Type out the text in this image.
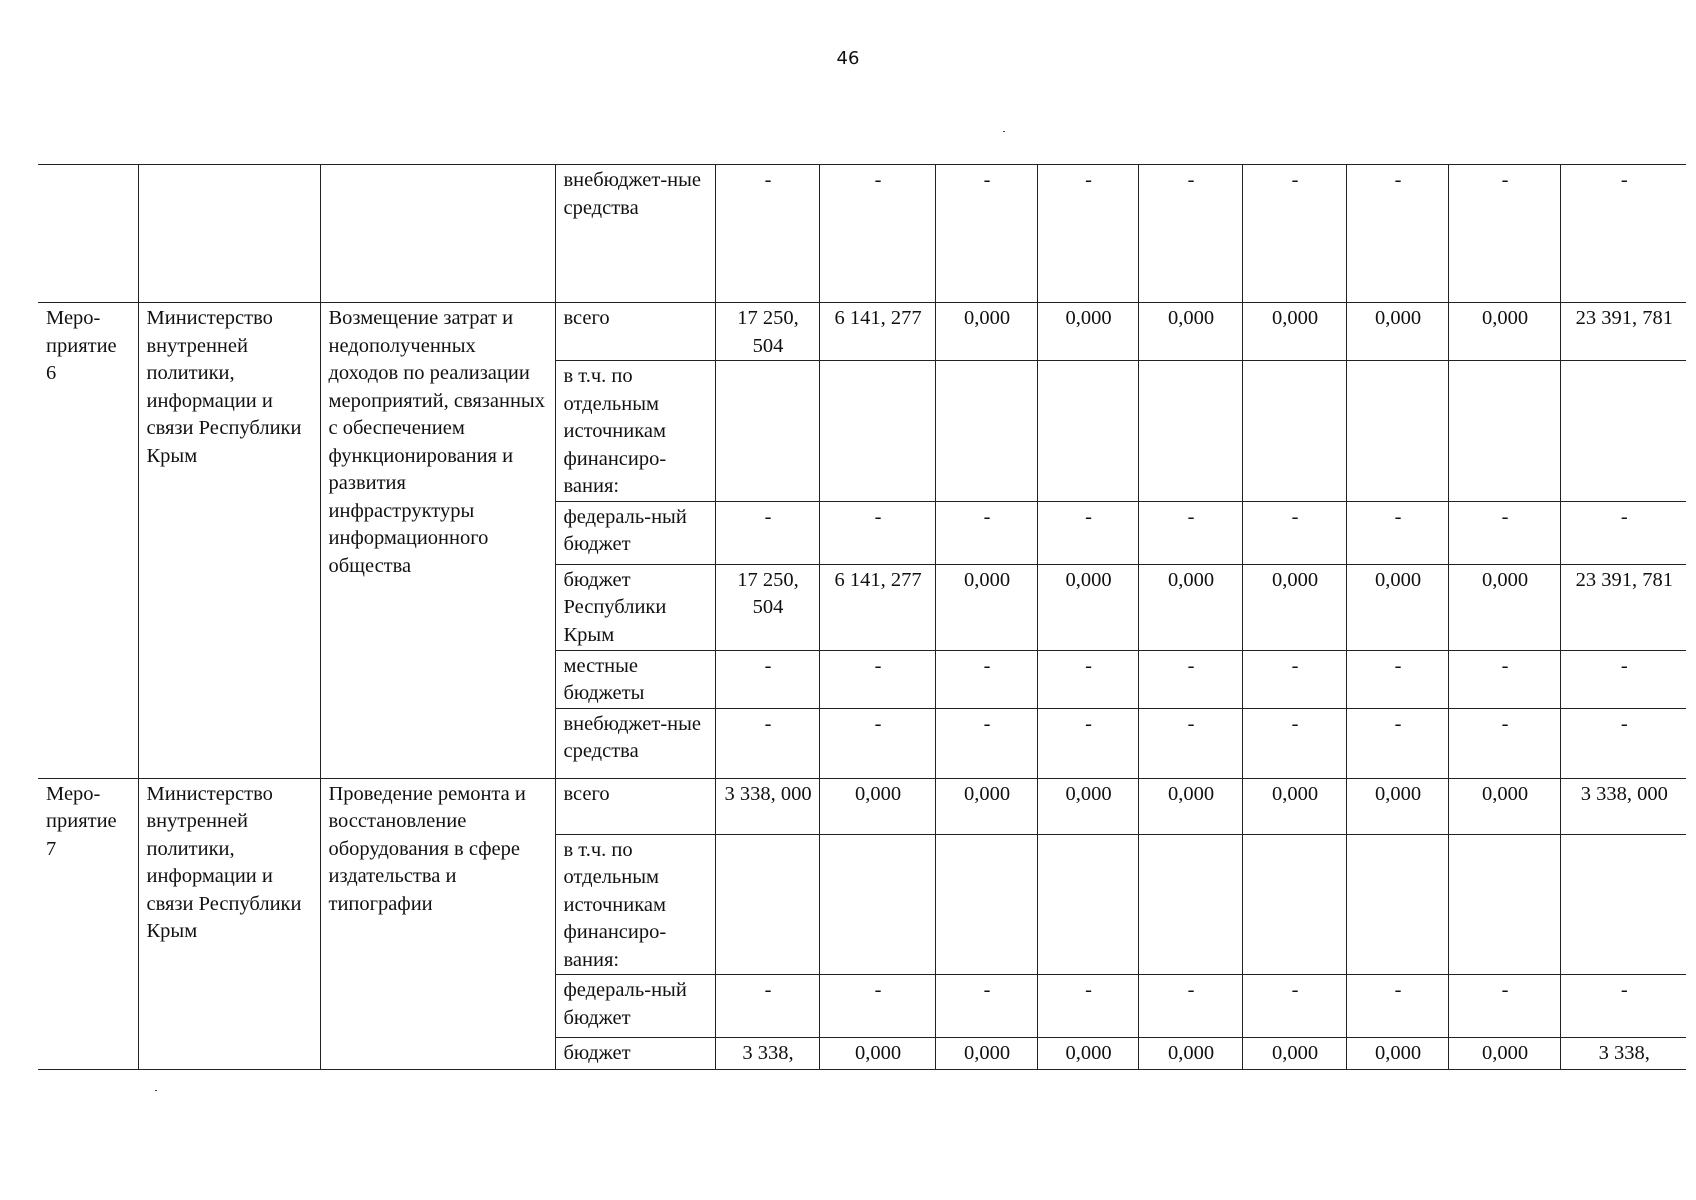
46
			внебюджет-ные средства	-	-	-	-	-	-	-	-	-
Меро-приятие 6	Министерство внутренней политики, информации и связи Республики Крым	Возмещение затрат и недополученных доходов по реализации мероприятий, связанных с обеспечением функционирования и развития инфраструктуры информационного общества	всего	17 250, 504	6 141, 277	0,000	0,000	0,000	0,000	0,000	0,000	23 391, 781
			в т.ч. по отдельным источникам финансиро-вания:									
			федераль-ный бюджет	-	-	-	-	-	-	-	-	-
			бюджет Республики Крым	17 250, 504	6 141, 277	0,000	0,000	0,000	0,000	0,000	0,000	23 391, 781
			местные бюджеты	-	-	-	-	-	-	-	-	-
			внебюджет-ные средства	-	-	-	-	-	-	-	-	-
Меро-приятие 7	Министерство внутренней политики, информации и связи Республики Крым	Проведение ремонта и восстановление оборудования в сфере издательства и типографии	всего	3 338, 000	0,000	0,000	0,000	0,000	0,000	0,000	0,000	3 338, 000
			в т.ч. по отдельным источникам финансиро-вания:									
			федераль-ный бюджет	-	-	-	-	-	-	-	-	-
			бюджет	3 338,	0,000	0,000	0,000	0,000	0,000	0,000	0,000	3 338,
